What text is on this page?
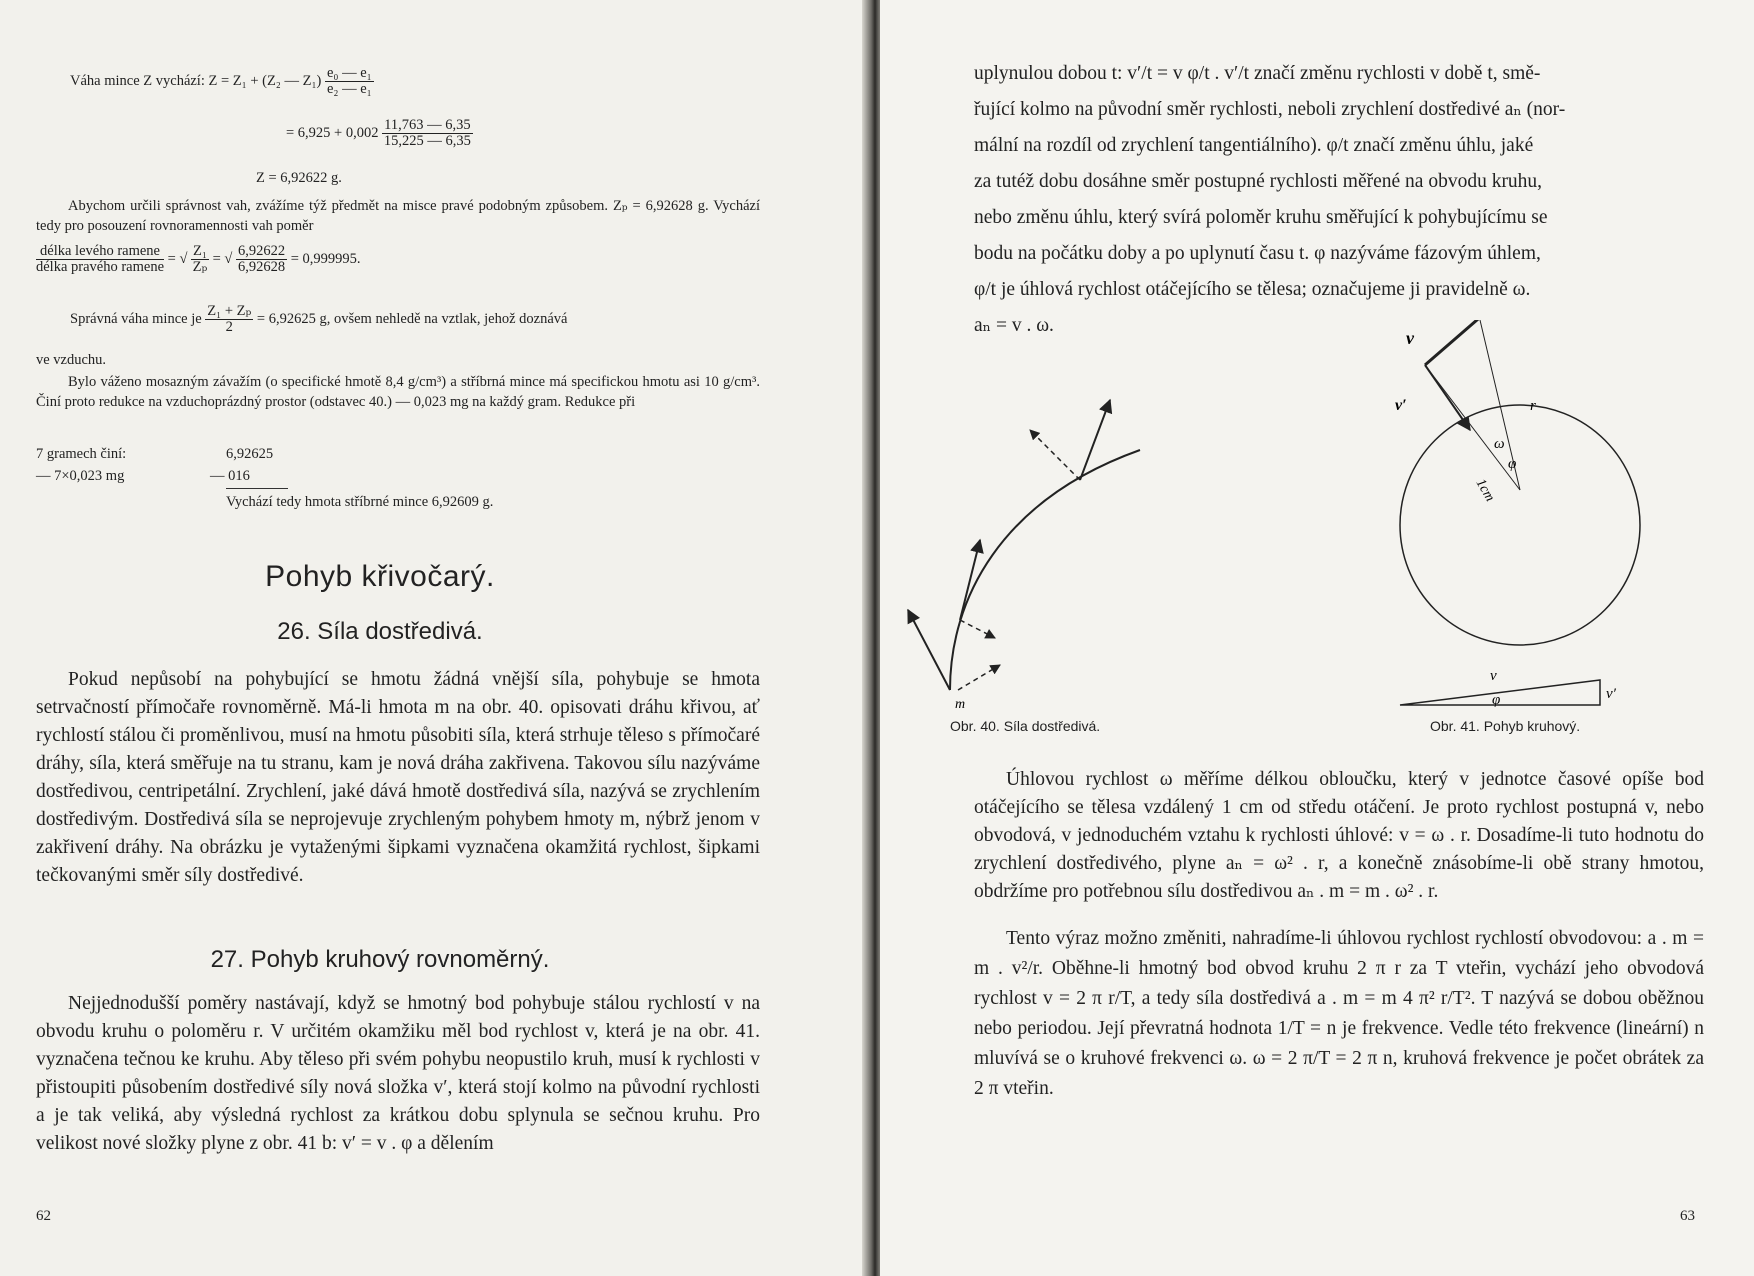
Váha mince Z vychází: Z = Z₁ + (Z₂ — $Z_1) \frac{\text{e₀ — e₁}}{\text{e₂ — e₁}}$
= $6,925 + 0,002 \frac{11,763 — 6,35}{15,225 — 6,35}$
Z = 6,92622 g.

Abychom určili správnost vah, zvážíme týž předmět na misce pravé podobným způsobem. Zₚ = 6,92628 g. Vychází tedy pro posouzení rovnoramennosti vah poměr

$\frac{\text{délka levého ramene}}{\text{délka pravého ramene}}$ = √ $\frac{\text{Z₁}}{\text{Zₚ}}$ = √ $\frac{6,92622}{6,92628} = 0,999995$.
Správná váha mince je $\frac{\text{Z₁ + Zₚ}}{2} = 6,92625$ g, ovšem nehledě na vztlak, jehož doznává
ve vzduchu.

Bylo váženo mosazným závažím (o specifické hmotě 8,4 g/cm³) a stříbrná mince má specifickou hmotu asi 10 g/cm³. Činí proto redukce na vzduchoprázdný prostor (odstavec 40.) — 0,023 mg na každý gram. Redukce při

7 gramech činí:	6,92625
— 7×0,023 mg	— 016
Vychází tedy hmota stříbrné mince 6,92609 g.
Pohyb křivočarý.
26. Síla dostředivá.

Pokud nepůsobí na pohybující se hmotu žádná vnější síla, pohybuje se hmota setrvačností přímočaře rovnoměrně. Má-li hmota m na obr. 40. opisovati dráhu křivou, ať rychlostí stálou či proměnlivou, musí na hmotu působiti síla, která strhuje těleso s přímočaré dráhy, síla, která směřuje na tu stranu, kam je nová dráha zakřivena. Takovou sílu nazýváme dostředivou, centripetální. Zrychlení, jaké dává hmotě dostředivá síla, nazývá se zrychlením dostředivým. Dostředivá síla se neprojevuje zrychleným pohybem hmoty m, nýbrž jenom v zakřivení dráhy. Na obrázku je vytaženými šipkami vyznačena okamžitá rychlost, šipkami tečkovanými směr síly dostředivé.

27. Pohyb kruhový rovnoměrný.

Nejjednodušší poměry nastávají, když se hmotný bod pohybuje stálou rychlostí v na obvodu kruhu o poloměru r. V určitém okamžiku měl bod rychlost v, která je na obr. 41. vyznačena tečnou ke kruhu. Aby těleso při svém pohybu neopustilo kruh, musí k rychlosti v přistoupiti působením dostředivé síly nová složka v′, která stojí kolmo na původní rychlosti a je tak veliká, aby výsledná rychlost za krátkou dobu splynula se sečnou kruhu. Pro velikost nové složky plyne z obr. 41 b: v′ = v . φ a dělením

62
uplynulou dobou t: v′/t = v φ/t . v′/t značí změnu rychlosti v době t, smě-
řující kolmo na původní směr rychlosti, neboli zrychlení dostředivé aₙ (nor-
mální na rozdíl od zrychlení tangentiálního). φ/t značí změnu úhlu, jaké
za tutéž dobu dosáhne směr postupné rychlosti měřené na obvodu kruhu,
nebo změnu úhlu, který svírá poloměr kruhu směřující k pohybujícímu se
bodu na počátku doby a po uplynutí času t. φ nazýváme fázovým úhlem,
φ/t je úhlová rychlost otáčejícího se tělesa; označujeme ji pravidelně ω.
aₙ = v . ω.
m
v
v′	r
ω
φ
1cm
v
v′
φ
Obr. 40. Síla dostředivá.	Obr. 41. Pohyb kruhový.

Úhlovou rychlost ω měříme délkou obloučku, který v jednotce časové opíše bod otáčejícího se tělesa vzdálený 1 cm od středu otáčení. Je proto rychlost postupná v, nebo obvodová, v jednoduchém vztahu k rychlosti úhlové: v = ω . r. Dosadíme-li tuto hodnotu do zrychlení dostředivého, plyne aₙ = ω² . r, a konečně znásobíme-li obě strany hmotou, obdržíme pro potřebnou sílu dostředivou aₙ . m = m . ω² . r.

Tento výraz možno změniti, nahradíme-li úhlovou rychlost rychlostí obvodovou: a . m = m . v²/r. Oběhne-li hmotný bod obvod kruhu 2 π r za T vteřin, vychází jeho obvodová rychlost v = 2 π r/T, a tedy síla dostředivá a . m = m 4 π² r/T². T nazývá se dobou oběžnou nebo periodou. Její převratná hodnota 1/T = n je frekvence. Vedle této frekvence (lineární) n mluvívá se o kruhové frekvenci ω. ω = 2 π/T = 2 π n, kruhová frekvence je počet obrátek za 2 π vteřin.

63
